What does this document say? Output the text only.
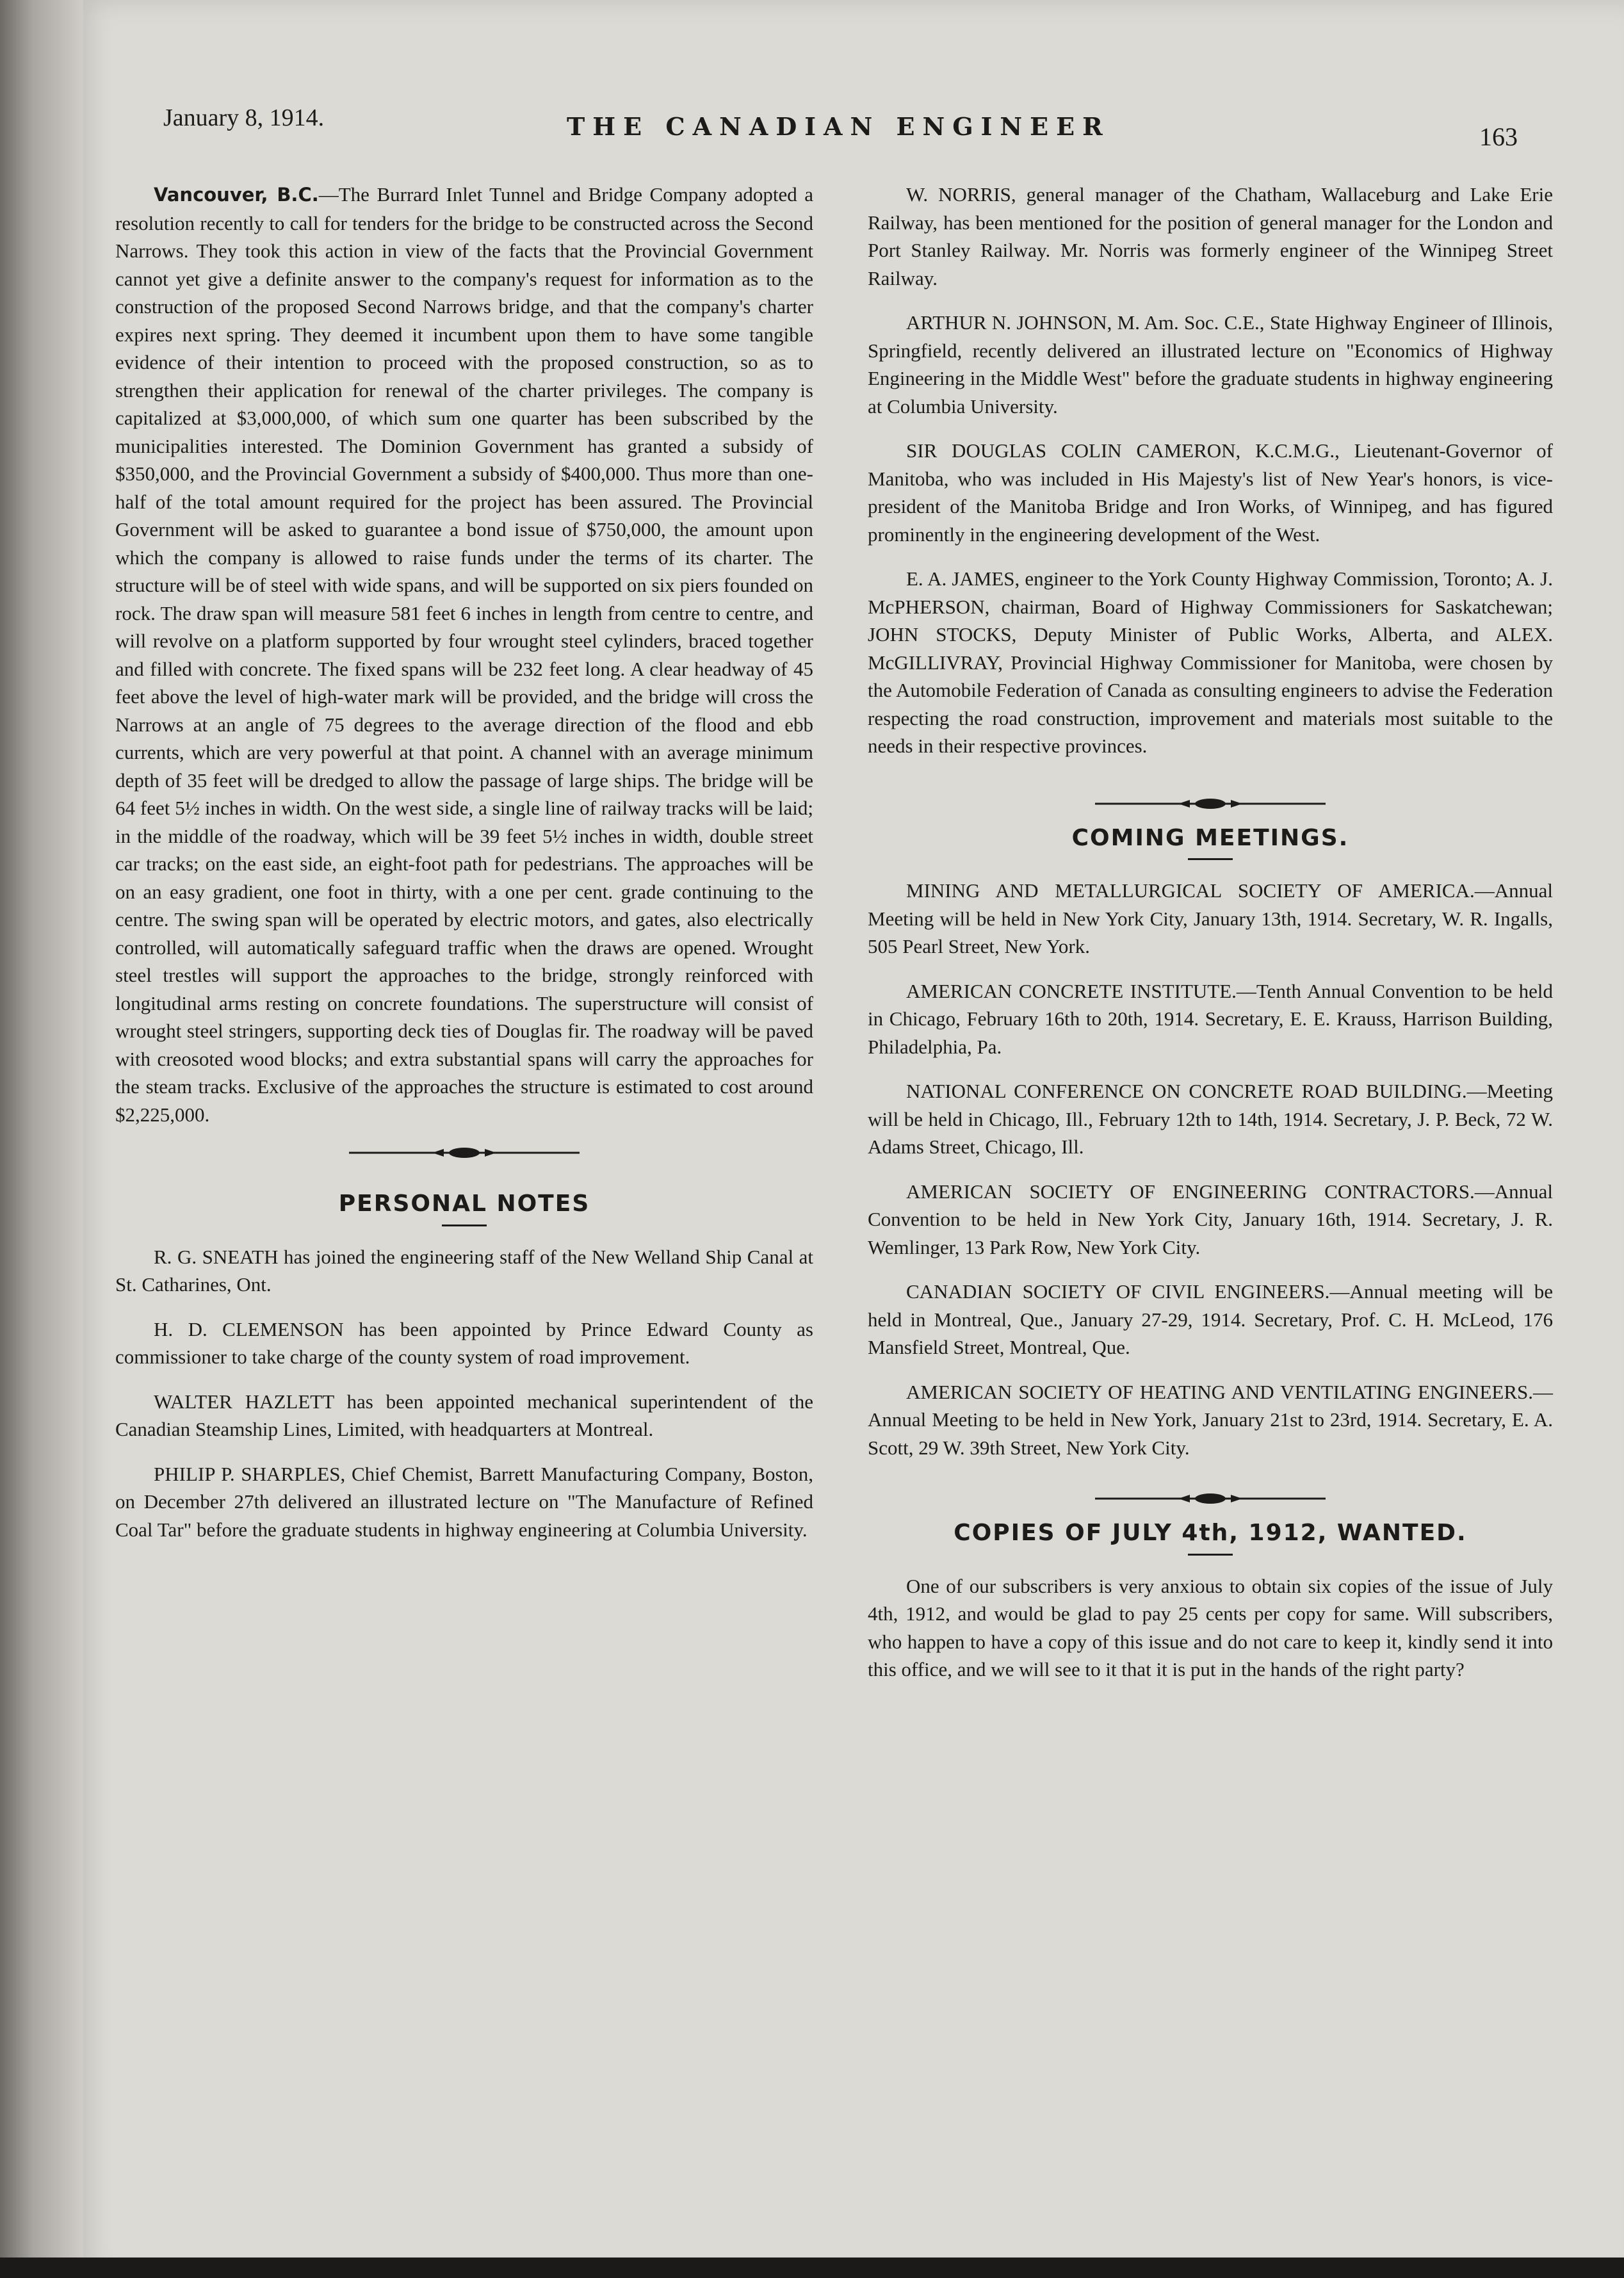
January 8, 1914.	THE CANADIAN ENGINEER	163

Vancouver, B.C.—The Burrard Inlet Tunnel and Bridge Company adopted a resolution recently to call for tenders for the bridge to be constructed across the Second Narrows. They took this action in view of the facts that the Provincial Government cannot yet give a definite answer to the company's request for information as to the construction of the proposed Second Narrows bridge, and that the company's charter expires next spring. They deemed it incumbent upon them to have some tangible evidence of their intention to proceed with the proposed construction, so as to strengthen their application for renewal of the charter privileges. The company is capitalized at $3,000,000, of which sum one quarter has been subscribed by the municipalities interested. The Dominion Government has granted a subsidy of $350,000, and the Provincial Government a subsidy of $400,000. Thus more than one-half of the total amount required for the project has been assured. The Provincial Government will be asked to guarantee a bond issue of $750,000, the amount upon which the company is allowed to raise funds under the terms of its charter. The structure will be of steel with wide spans, and will be supported on six piers founded on rock. The draw span will measure 581 feet 6 inches in length from centre to centre, and will revolve on a platform supported by four wrought steel cylinders, braced together and filled with concrete. The fixed spans will be 232 feet long. A clear headway of 45 feet above the level of high-water mark will be provided, and the bridge will cross the Narrows at an angle of 75 degrees to the average direction of the flood and ebb currents, which are very powerful at that point. A channel with an average minimum depth of 35 feet will be dredged to allow the passage of large ships. The bridge will be 64 feet 5½ inches in width. On the west side, a single line of railway tracks will be laid; in the middle of the roadway, which will be 39 feet 5½ inches in width, double street car tracks; on the east side, an eight-foot path for pedestrians. The approaches will be on an easy gradient, one foot in thirty, with a one per cent. grade continuing to the centre. The swing span will be operated by electric motors, and gates, also electrically controlled, will automatically safeguard traffic when the draws are opened. Wrought steel trestles will support the approaches to the bridge, strongly reinforced with longitudinal arms resting on concrete foundations. The superstructure will consist of wrought steel stringers, supporting deck ties of Douglas fir. The roadway will be paved with creosoted wood blocks; and extra substantial spans will carry the approaches for the steam tracks. Exclusive of the approaches the structure is estimated to cost around $2,225,000.

PERSONAL NOTES

R. G. SNEATH has joined the engineering staff of the New Welland Ship Canal at St. Catharines, Ont.

H. D. CLEMENSON has been appointed by Prince Edward County as commissioner to take charge of the county system of road improvement.

WALTER HAZLETT has been appointed mechanical superintendent of the Canadian Steamship Lines, Limited, with headquarters at Montreal.

PHILIP P. SHARPLES, Chief Chemist, Barrett Manufacturing Company, Boston, on December 27th delivered an illustrated lecture on "The Manufacture of Refined Coal Tar" before the graduate students in highway engineering at Columbia University.

W. NORRIS, general manager of the Chatham, Wallaceburg and Lake Erie Railway, has been mentioned for the position of general manager for the London and Port Stanley Railway. Mr. Norris was formerly engineer of the Winnipeg Street Railway.

ARTHUR N. JOHNSON, M. Am. Soc. C.E., State Highway Engineer of Illinois, Springfield, recently delivered an illustrated lecture on "Economics of Highway Engineering in the Middle West" before the graduate students in highway engineering at Columbia University.

SIR DOUGLAS COLIN CAMERON, K.C.M.G., Lieutenant-Governor of Manitoba, who was included in His Majesty's list of New Year's honors, is vice-president of the Manitoba Bridge and Iron Works, of Winnipeg, and has figured prominently in the engineering development of the West.

E. A. JAMES, engineer to the York County Highway Commission, Toronto; A. J. McPHERSON, chairman, Board of Highway Commissioners for Saskatchewan; JOHN STOCKS, Deputy Minister of Public Works, Alberta, and ALEX. McGILLIVRAY, Provincial Highway Commissioner for Manitoba, were chosen by the Automobile Federation of Canada as consulting engineers to advise the Federation respecting the road construction, improvement and materials most suitable to the needs in their respective provinces.

COMING MEETINGS.

MINING AND METALLURGICAL SOCIETY OF AMERICA.—Annual Meeting will be held in New York City, January 13th, 1914. Secretary, W. R. Ingalls, 505 Pearl Street, New York.

AMERICAN CONCRETE INSTITUTE.—Tenth Annual Convention to be held in Chicago, February 16th to 20th, 1914. Secretary, E. E. Krauss, Harrison Building, Philadelphia, Pa.

NATIONAL CONFERENCE ON CONCRETE ROAD BUILDING.—Meeting will be held in Chicago, Ill., February 12th to 14th, 1914. Secretary, J. P. Beck, 72 W. Adams Street, Chicago, Ill.

AMERICAN SOCIETY OF ENGINEERING CONTRACTORS.—Annual Convention to be held in New York City, January 16th, 1914. Secretary, J. R. Wemlinger, 13 Park Row, New York City.

CANADIAN SOCIETY OF CIVIL ENGINEERS.—Annual meeting will be held in Montreal, Que., January 27-29, 1914. Secretary, Prof. C. H. McLeod, 176 Mansfield Street, Montreal, Que.

AMERICAN SOCIETY OF HEATING AND VENTILATING ENGINEERS.—Annual Meeting to be held in New York, January 21st to 23rd, 1914. Secretary, E. A. Scott, 29 W. 39th Street, New York City.

COPIES OF JULY 4th, 1912, WANTED.

One of our subscribers is very anxious to obtain six copies of the issue of July 4th, 1912, and would be glad to pay 25 cents per copy for same. Will subscribers, who happen to have a copy of this issue and do not care to keep it, kindly send it into this office, and we will see to it that it is put in the hands of the right party?
